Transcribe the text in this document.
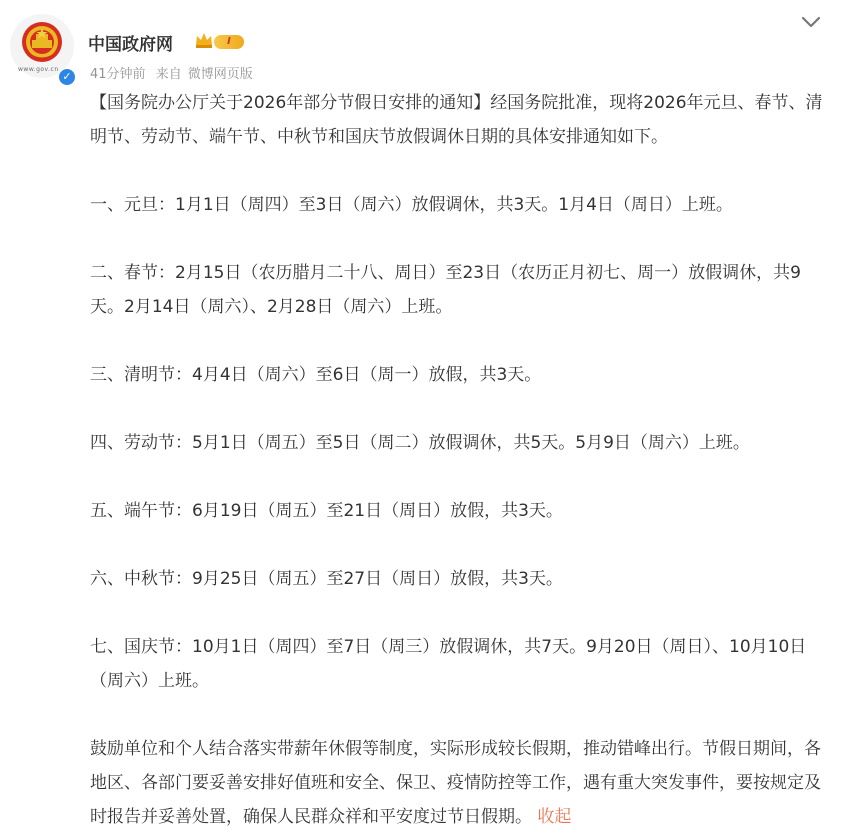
www.gov.cn
✓
中国政府网	I
41分钟前 来自 微博网页版

【国务院办公厅关于2026年部分节假日安排的通知】经国务院批准，现将2026年元旦、春节、清明节、劳动节、端午节、中秋节和国庆节放假调休日期的具体安排通知如下。

一、元旦：1月1日（周四）至3日（周六）放假调休，共3天。1月4日（周日）上班。

二、春节：2月15日（农历腊月二十八、周日）至23日（农历正月初七、周一）放假调休，共9天。2月14日（周六）、2月28日（周六）上班。

三、清明节：4月4日（周六）至6日（周一）放假，共3天。

四、劳动节：5月1日（周五）至5日（周二）放假调休，共5天。5月9日（周六）上班。

五、端午节：6月19日（周五）至21日（周日）放假，共3天。

六、中秋节：9月25日（周五）至27日（周日）放假，共3天。

七、国庆节：10月1日（周四）至7日（周三）放假调休，共7天。9月20日（周日）、10月10日（周六）上班。

鼓励单位和个人结合落实带薪年休假等制度，实际形成较长假期，推动错峰出行。节假日期间，各地区、各部门要妥善安排好值班和安全、保卫、疫情防控等工作，遇有重大突发事件，要按规定及时报告并妥善处置，确保人民群众祥和平安度过节日假期。 收起
